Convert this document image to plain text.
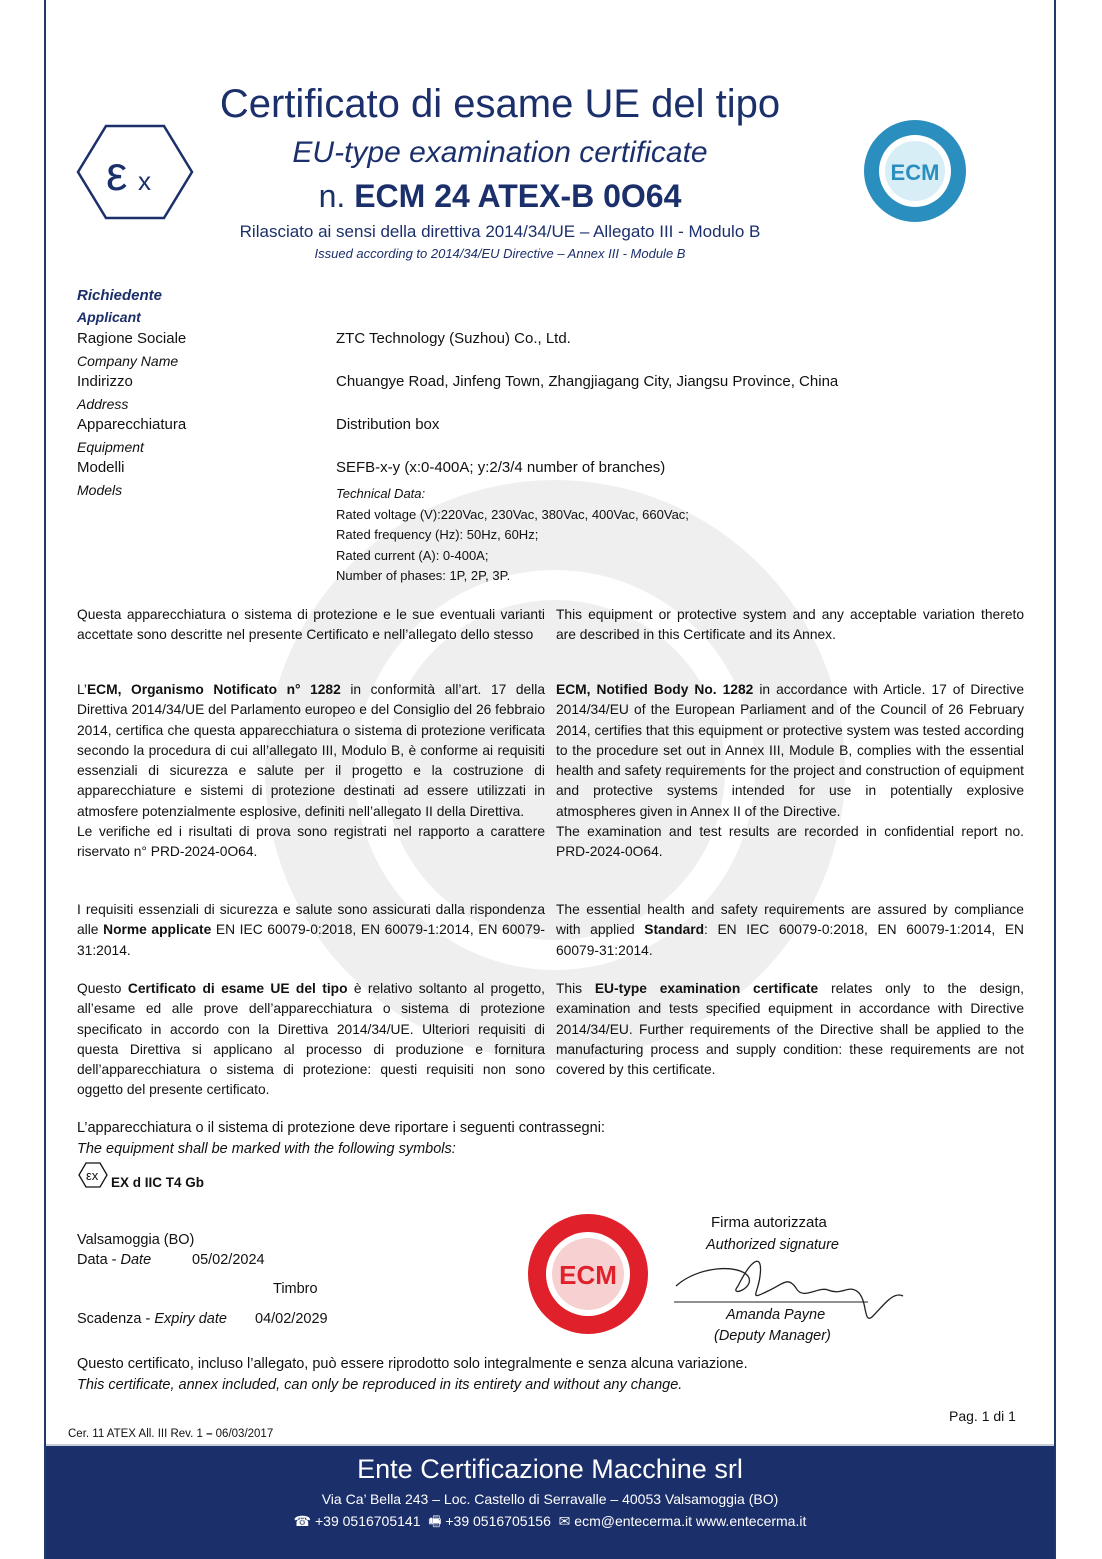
ε x	ECM
Certificato di esame UE del tipo
EU-type examination certificate
n. ECM 24 ATEX-B 0O64
Rilasciato ai sensi della direttiva 2014/34/UE – Allegato III - Modulo B
Issued according to 2014/34/EU Directive – Annex III - Module B
Richiedente
Applicant
Ragione Sociale
Company Name
ZTC Technology (Suzhou) Co., Ltd.
Indirizzo
Address
Chuangye Road, Jinfeng Town, Zhangjiagang City, Jiangsu Province, China
Apparecchiatura
Equipment
Distribution box
Modelli
Models
SEFB-x-y (x:0-400A; y:2/3/4 number of branches)
Technical Data:
Rated voltage (V):220Vac, 230Vac, 380Vac, 400Vac, 660Vac;
Rated frequency (Hz): 50Hz, 60Hz;
Rated current (A): 0-400A;
Number of phases: 1P, 2P, 3P.
Questa apparecchiatura o sistema di protezione e le sue eventuali varianti accettate sono descritte nel presente Certificato e nell’allegato dello stesso
This equipment or protective system and any acceptable variation thereto are described in this Certificate and its Annex.
L’ECM, Organismo Notificato n° 1282 in conformità all’art. 17 della Direttiva 2014/34/UE del Parlamento europeo e del Consiglio del 26 febbraio 2014, certifica che questa apparecchiatura o sistema di protezione verificata secondo la procedura di cui all’allegato III, Modulo B, è conforme ai requisiti essenziali di sicurezza e salute per il progetto e la costruzione di apparecchiature e sistemi di protezione destinati ad essere utilizzati in atmosfere potenzialmente esplosive, definiti nell’allegato II della Direttiva.
Le verifiche ed i risultati di prova sono registrati nel rapporto a carattere riservato n° PRD-2024-0O64.
ECM, Notified Body No. 1282 in accordance with Article. 17 of Directive 2014/34/EU of the European Parliament and of the Council of 26 February 2014, certifies that this equipment or protective system was tested according to the procedure set out in Annex III, Module B, complies with the essential health and safety requirements for the project and construction of equipment and protective systems intended for use in potentially explosive atmospheres given in Annex II of the Directive.
The examination and test results are recorded in confidential report no. PRD-2024-0O64.
I requisiti essenziali di sicurezza e salute sono assicurati dalla rispondenza alle Norme applicate EN IEC 60079-0:2018, EN 60079-1:2014, EN 60079-31:2014.
The essential health and safety requirements are assured by compliance with applied Standard: EN IEC 60079-0:2018, EN 60079-1:2014, EN 60079-31:2014.
Questo Certificato di esame UE del tipo è relativo soltanto al progetto, all’esame ed alle prove dell’apparecchiatura o sistema di protezione specificato in accordo con la Direttiva 2014/34/UE. Ulteriori requisiti di questa Direttiva si applicano al processo di produzione e fornitura dell’apparecchiatura o sistema di protezione: questi requisiti non sono oggetto del presente certificato.
This EU-type examination certificate relates only to the design, examination and tests specified equipment in accordance with Directive 2014/34/EU. Further requirements of the Directive shall be applied to the manufacturing process and supply condition: these requirements are not covered by this certificate.
L’apparecchiatura o il sistema di protezione deve riportare i seguenti contrassegni:
The equipment shall be marked with the following symbols:
εx EX d IIC T4 Gb
Valsamoggia (BO)
Data - Date	05/02/2024
Timbro
Scadenza - Expiry date 04/02/2029
ECM
Firma autorizzata
Authorized signature
Amanda Payne
(Deputy Manager)
Questo certificato, incluso l’allegato, può essere riprodotto solo integralmente e senza alcuna variazione.
This certificate, annex included, can only be reproduced in its entirety and without any change.
Pag. 1 di 1
Cer. 11 ATEX All. III Rev. 1 – 06/03/2017
Ente Certificazione Macchine srl
Via Ca’ Bella 243 – Loc. Castello di Serravalle – 40053 Valsamoggia (BO)
☎ +39 0516705141  🖷 +39 0516705156  ✉ ecm@entecerma.it www.entecerma.it
